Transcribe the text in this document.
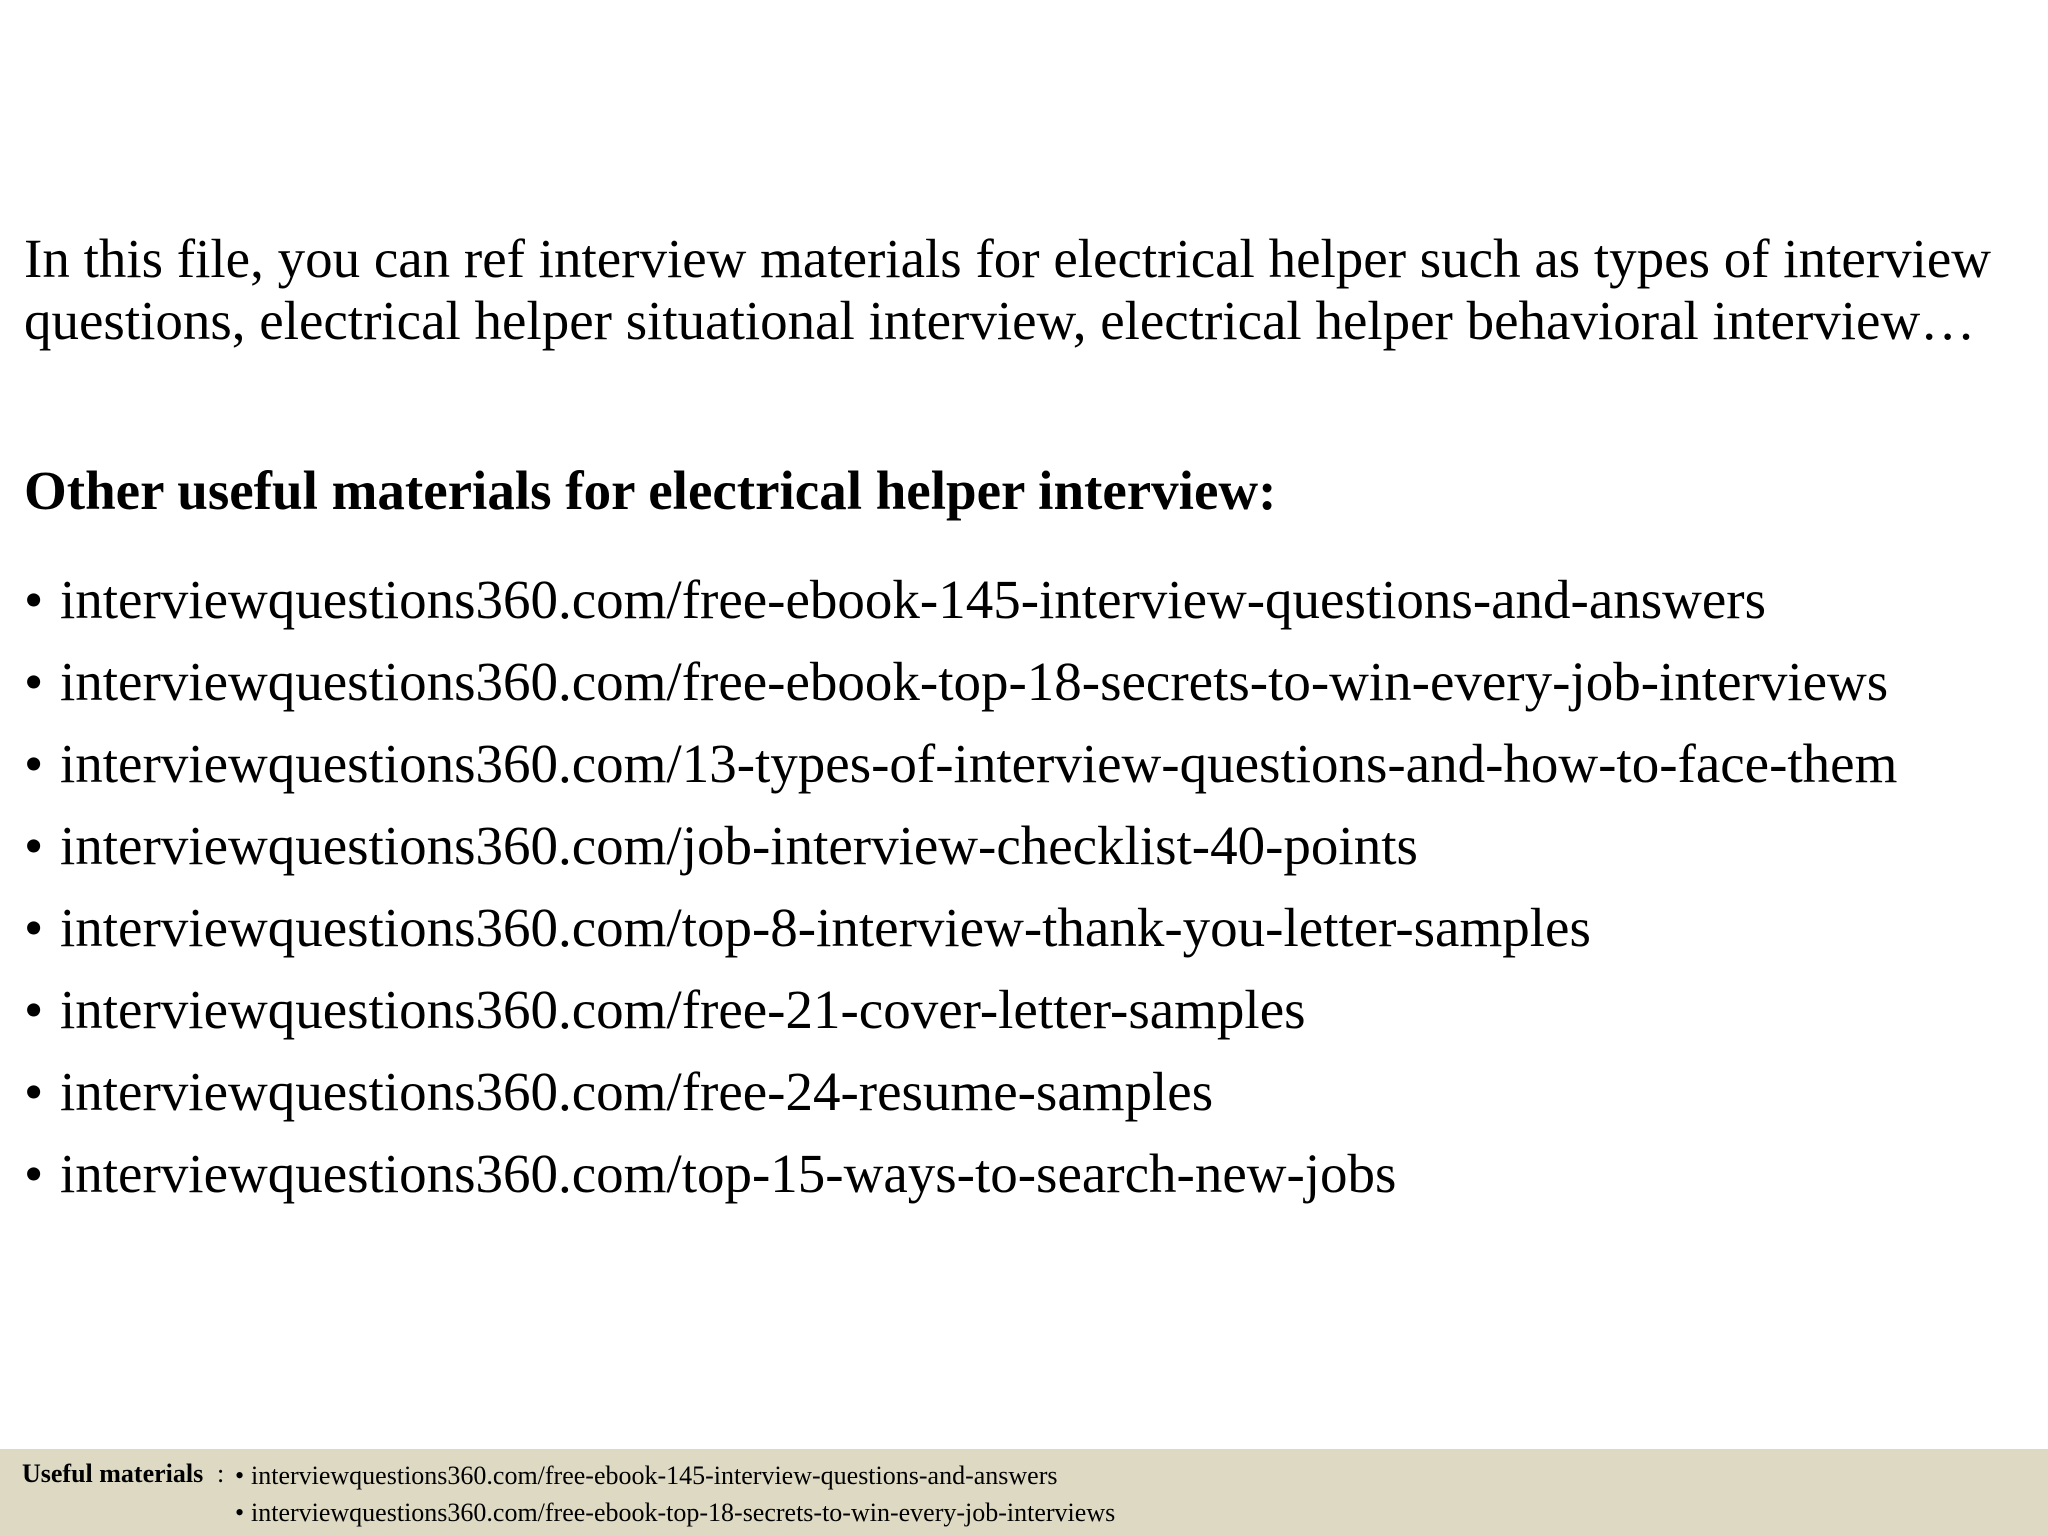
In this file, you can ref interview materials for electrical helper such as types of interview questions, electrical helper situational interview, electrical helper behavioral interview…

Other useful materials for electrical helper interview:
• interviewquestions360.com/free-ebook-145-interview-questions-and-answers
• interviewquestions360.com/free-ebook-top-18-secrets-to-win-every-job-interviews
• interviewquestions360.com/13-types-of-interview-questions-and-how-to-face-them
• interviewquestions360.com/job-interview-checklist-40-points
• interviewquestions360.com/top-8-interview-thank-you-letter-samples
• interviewquestions360.com/free-21-cover-letter-samples
• interviewquestions360.com/free-24-resume-samples
• interviewquestions360.com/top-15-ways-to-search-new-jobs
Useful materials : • interviewquestions360.com/free-ebook-145-interview-questions-and-answers
• interviewquestions360.com/free-ebook-top-18-secrets-to-win-every-job-interviews
